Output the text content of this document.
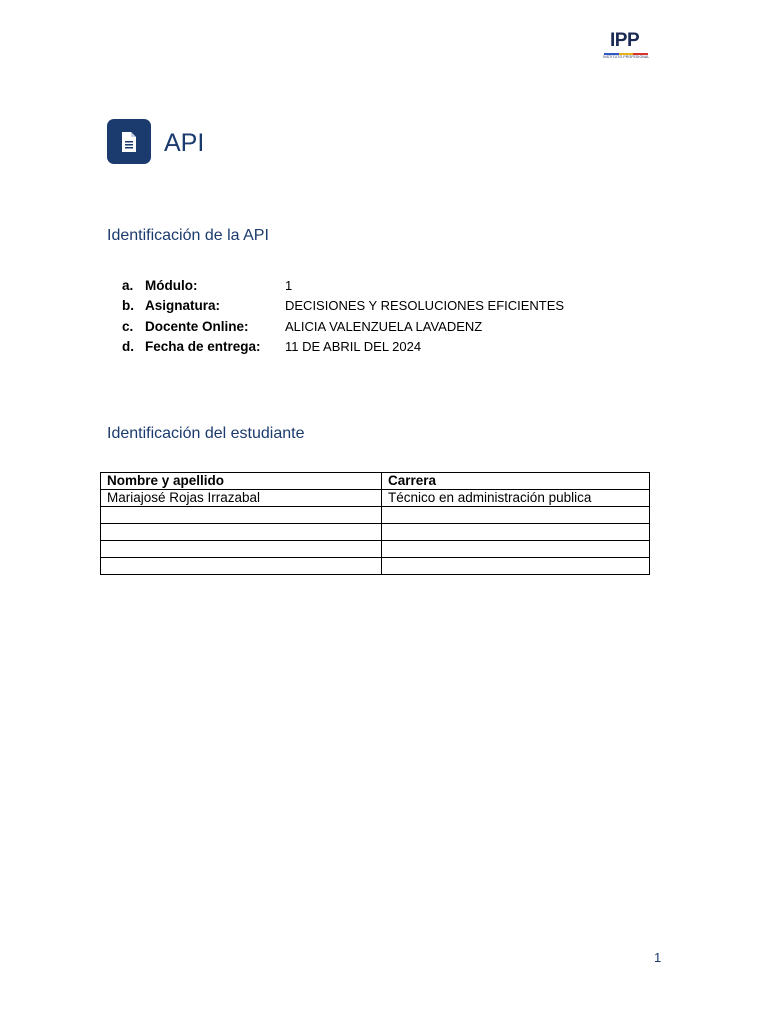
IPP
INSTITUTO PROFESIONAL
API
Identificación de la API
a. Módulo:	1
b. Asignatura:	DECISIONES Y RESOLUCIONES EFICIENTES
c. Docente Online:	ALICIA VALENZUELA LAVADENZ
d. Fecha de entrega: 11 DE ABRIL DEL 2024
Identificación del estudiante
Nombre y apellido	Carrera
Mariajosé Rojas Irrazabal	Técnico en administración publica

1
